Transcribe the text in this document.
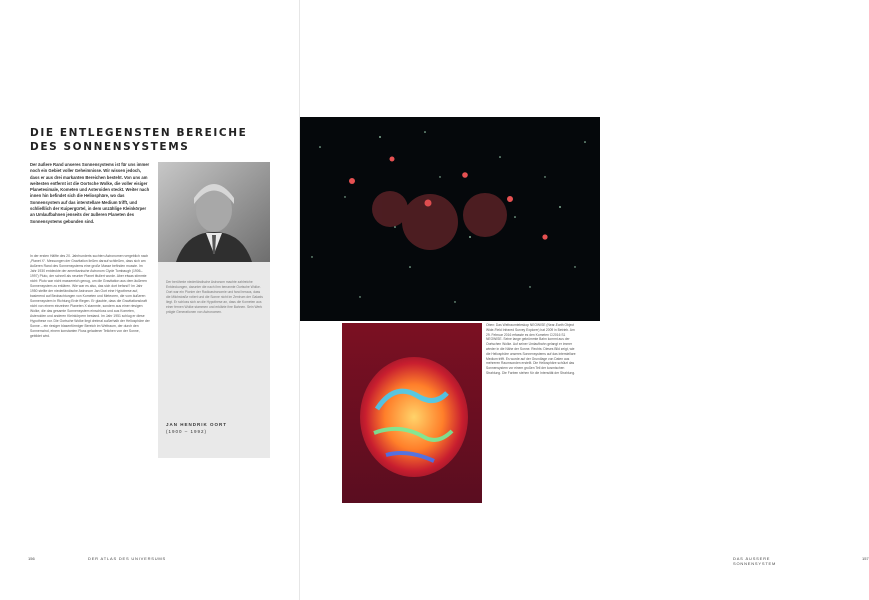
DIE ENTLEGENSTEN BEREICHE
DES SONNENSYSTEMS
Der äußere Rand unseres Sonnensystems ist für uns immer noch ein Gebiet voller Geheimnisse. Wir wissen jedoch, dass er aus drei markanten Bereichen besteht. Von uns am weitesten entfernt ist die Oortsche Wolke, die voller eisiger Planetesimale, Kometen und Asteroiden steckt. Weiter nach innen hin befindet sich die Heliosphäre, wo das Sonnensystem auf das interstellare Medium trifft, und schließlich der Kuipergürtel, in dem unzählige Kleinkörper an Umlaufbahnen jenseits der äußeren Planeten des Sonnensystems gebunden sind.
In der ersten Hälfte des 20. Jahrhunderts suchten Astronomen vergeblich nach „Planet X“. Messungen der Gravitation ließen darauf schließen, dass sich am äußeren Rand des Sonnensystems eine große Masse befinden musste. Im Jahr 1930 entdeckte der amerikanische Astronom Clyde Tombaugh (1906–1997) Pluto, der schnell als neunter Planet tituliert wurde. Aber etwas stimmte nicht: Pluto war nicht massereich genug, um die Gravitation aus dem äußeren Sonnensystem zu erklären. Wie war es also, das sich dort befand? Im Jahr 1950 stellte der niederländische Astronom Jan Oort eine Hypothese auf, basierend auf Beobachtungen von Kometen und Meteoren, die vom äußeren Sonnensystem in Richtung Erde fliegen. Er glaubte, dass die Gravitationskraft nicht von einem einzelnen Planeten X stammte, sondern aus einer riesigen Wolke, die das gesamte Sonnensystem einschloss und aus Kometen, Asteroiden und anderen Kleinkörpern bestand. Im Jahr 1951 schlug er diese Hypothese vor. Die Oortsche Wolke liegt dreimal außerhalb der Heliosphäre der Sonne – ein riesiger blasenförmiger Bereich im Weltraum, der durch den Sonnenwind, einem konstanten Fluss geladener Teilchen von der Sonne, gebildet wird.
Der berühmte niederländische Astronom machte zahlreiche Entdeckungen, darunter die nach ihm benannte Oortsche Wolke. Oort war ein Pionier der Radioastronomie und fand heraus, dass die Milchstraße rotiert und die Sonne nicht im Zentrum der Galaxis liegt. Er schloss sich an die Hypothese an, dass die Kometen aus einer fernen Wolke stammen und erklärte ihre Bahnen. Sein Werk prägte Generationen von Astronomen.
JAN HENDRIK OORT
(1900 – 1992)
156	DER ATLAS DES UNIVERSUMS	DAS ÄUSSERE SONNENSYSTEM
157
Oben: Das Weltraumteleskop NEOWISE (Near-Earth Object Wide-Field Infrared Survey Explorer) hat 2009 in Betrieb. Am 29. Februar 2016 erfasste es den Kometen C/2016 S1 NEOWISE. Seine lange gekrümmte Bahn kommt aus der Oortschen Wolke. Auf seiner Umlaufbahn gelangt er immer wieder in die Nähe der Sonne. Rechts: Dieses Bild zeigt, wie die Heliosphäre unseres Sonnensystems auf das interstellare Medium trifft. Es wurde auf der Grundlage von Daten aus mehreren Raumsonden erstellt. Die Heliosphäre schützt das Sonnensystem vor einem großen Teil der kosmischen Strahlung. Die Farben stehen für die Intensität der Strahlung.
